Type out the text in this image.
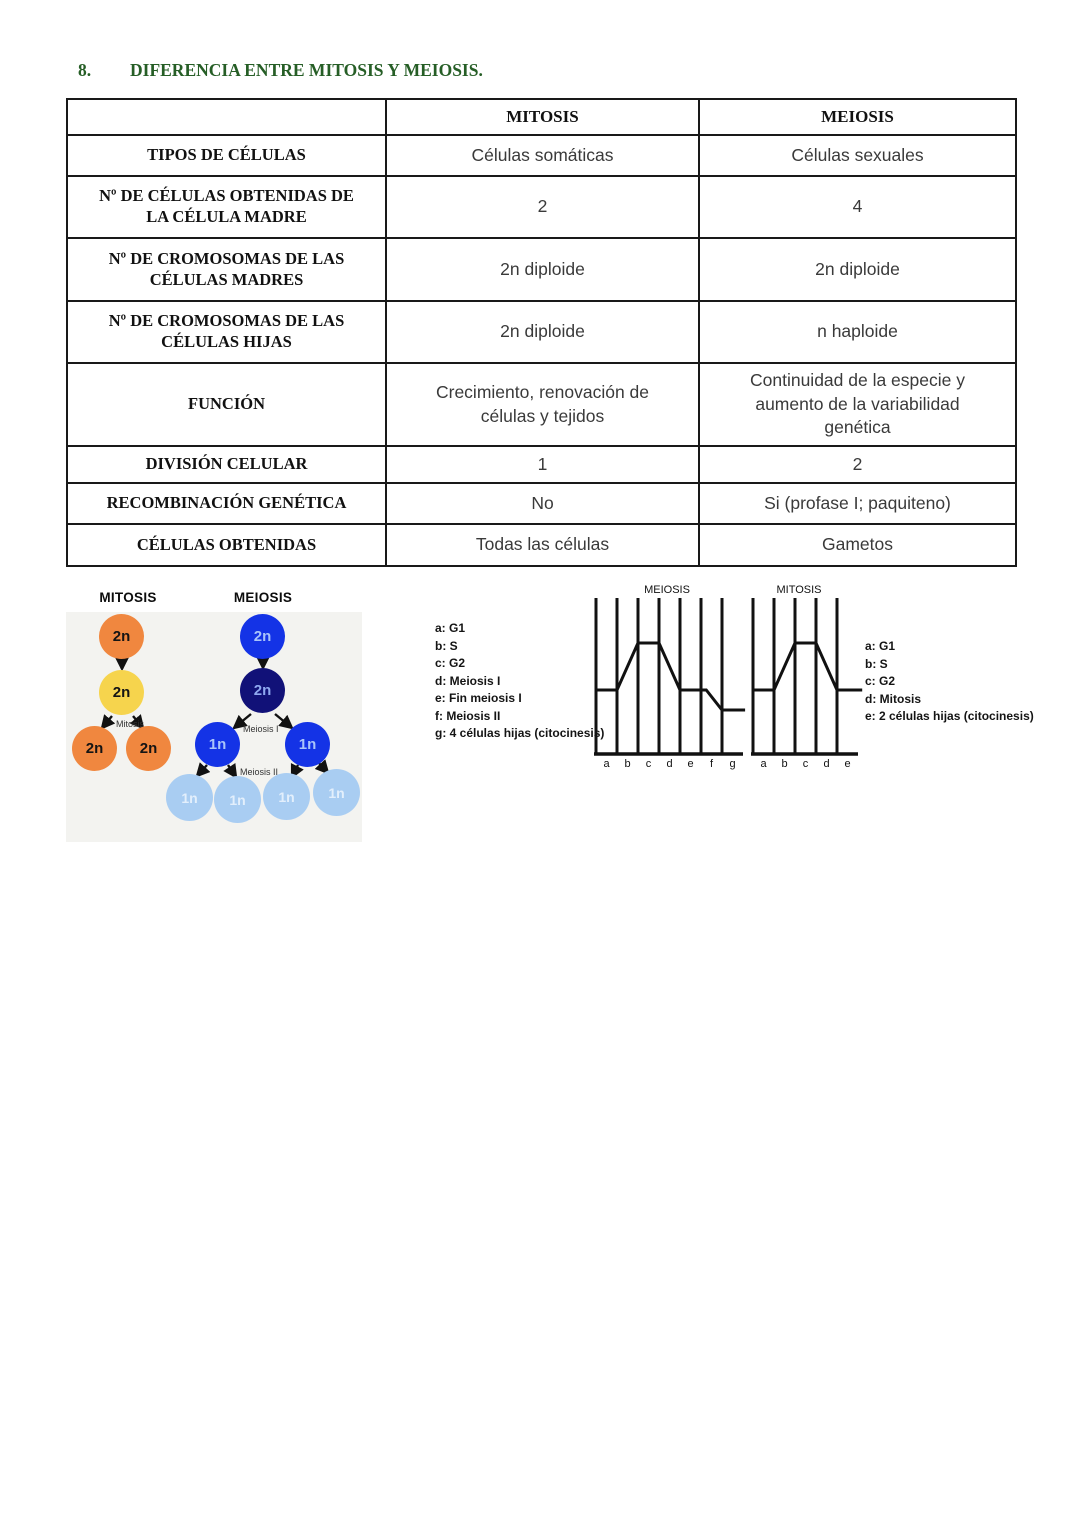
8. DIFERENCIA ENTRE MITOSIS Y MEIOSIS.
	MITOSIS	MEIOSIS
TIPOS DE CÉLULAS	Células somáticas	Células sexuales
Nº DE CÉLULAS OBTENIDAS DE LA CÉLULA MADRE	2	4
Nº DE CROMOSOMAS DE LAS CÉLULAS MADRES	2n diploide	2n diploide
Nº DE CROMOSOMAS DE LAS CÉLULAS HIJAS	2n diploide	n haploide
FUNCIÓN	Crecimiento, renovación de células y tejidos	Continuidad de la especie y aumento de la variabilidad genética
DIVISIÓN CELULAR	1	2
RECOMBINACIÓN GENÉTICA	No	Si (profase I; paquiteno)
CÉLULAS OBTENIDAS	Todas las células	Gametos
MITOSIS	MEIOSIS
2n
2n
2n	2n
2n
2n
1n	1n
1n	1n	1n	1n
Mitosis	Meiosis I
Meiosis II
a: G1
b: S
c: G2
d: Meiosis I
e: Fin meiosis I
f: Meiosis II
g: 4 células hijas (citocinesis)
MEIOSIS
a b c d e f g
MITOSIS
a b c d e
a: G1
b: S
c: G2
d: Mitosis
e: 2 células hijas (citocinesis)
